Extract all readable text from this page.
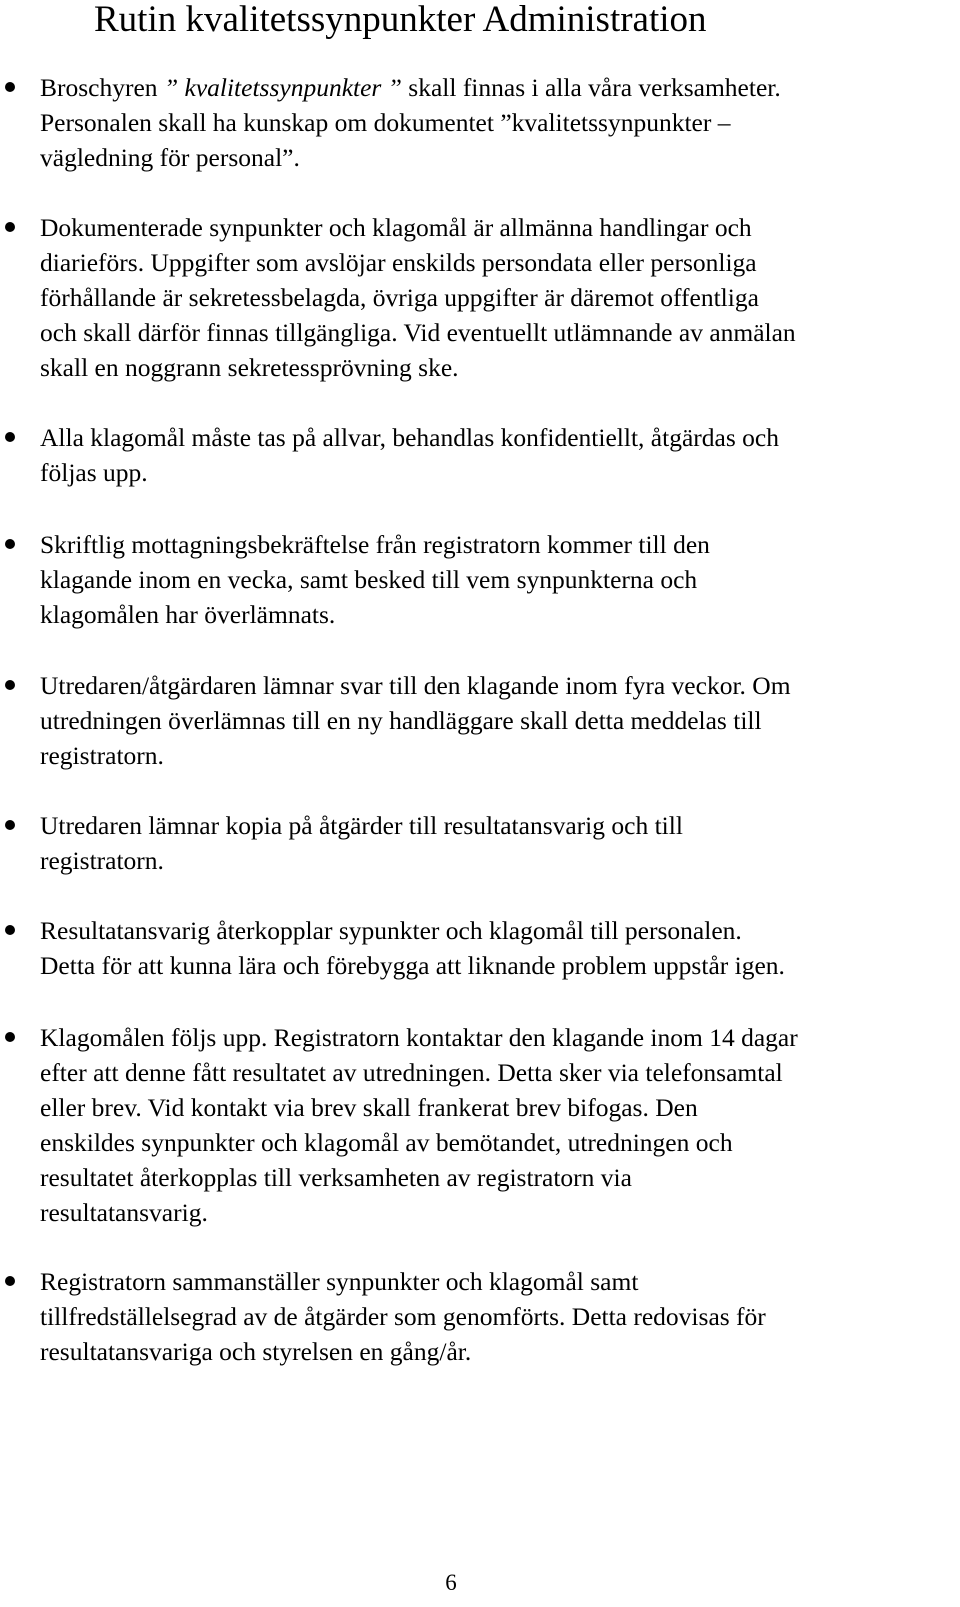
Rutin kvalitetssynpunkter Administration
Broschyren ” kvalitetssynpunkter ” skall finnas i alla våra verksamheter.
Personalen skall ha kunskap om dokumentet ”kvalitetssynpunkter –
vägledning för personal”.
Dokumenterade synpunkter och klagomål är allmänna handlingar och
diarieförs. Uppgifter som avslöjar enskilds persondata eller personliga
förhållande är sekretessbelagda, övriga uppgifter är däremot offentliga
och skall därför finnas tillgängliga. Vid eventuellt utlämnande av anmälan
skall en noggrann sekretessprövning ske.
Alla klagomål måste tas på allvar, behandlas konfidentiellt, åtgärdas och
följas upp.
Skriftlig mottagningsbekräftelse från registratorn kommer till den
klagande inom en vecka, samt besked till vem synpunkterna och
klagomålen har överlämnats.
Utredaren/åtgärdaren lämnar svar till den klagande inom fyra veckor. Om
utredningen överlämnas till en ny handläggare skall detta meddelas till
registratorn.
Utredaren lämnar kopia på åtgärder till resultatansvarig och till
registratorn.
Resultatansvarig återkopplar sypunkter och klagomål till personalen.
Detta för att kunna lära och förebygga att liknande problem uppstår igen.
Klagomålen följs upp. Registratorn kontaktar den klagande inom 14 dagar
efter att denne fått resultatet av utredningen. Detta sker via telefonsamtal
eller brev. Vid kontakt via brev skall frankerat brev bifogas. Den
enskildes synpunkter och klagomål av bemötandet, utredningen och
resultatet återkopplas till verksamheten av registratorn via
resultatansvarig.
Registratorn sammanställer synpunkter och klagomål samt
tillfredställelsegrad av de åtgärder som genomförts. Detta redovisas för
resultatansvariga och styrelsen en gång/år.
6
